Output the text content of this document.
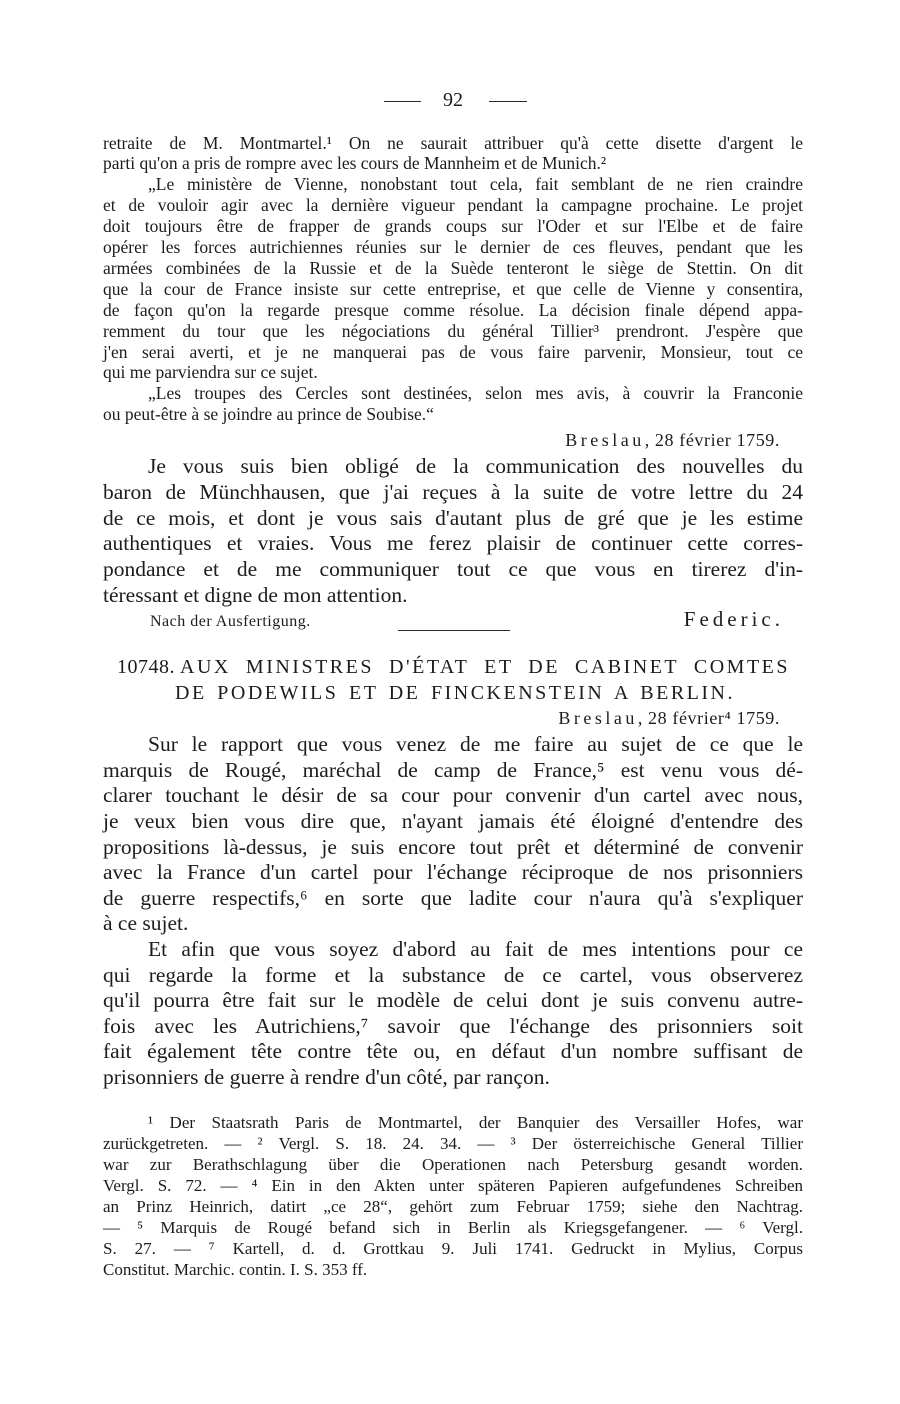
92
retraite de M. Montmartel.¹ On ne saurait attribuer qu'à cette disette d'argent le
parti qu'on a pris de rompre avec les cours de Mannheim et de Munich.²
„Le ministère de Vienne, nonobstant tout cela, fait semblant de ne rien craindre
et de vouloir agir avec la dernière vigueur pendant la campagne prochaine. Le projet
doit toujours être de frapper de grands coups sur l'Oder et sur l'Elbe et de faire
opérer les forces autrichiennes réunies sur le dernier de ces fleuves, pendant que les
armées combinées de la Russie et de la Suède tenteront le siège de Stettin. On dit
que la cour de France insiste sur cette entreprise, et que celle de Vienne y consentira,
de façon qu'on la regarde presque comme résolue. La décision finale dépend appa-
remment du tour que les négociations du général Tillier³ prendront. J'espère que
j'en serai averti, et je ne manquerai pas de vous faire parvenir, Monsieur, tout ce
qui me parviendra sur ce sujet.
„Les troupes des Cercles sont destinées, selon mes avis, à couvrir la Franconie
ou peut-être à se joindre au prince de Soubise.“
Breslau, 28 février 1759.
Je vous suis bien obligé de la communication des nouvelles du
baron de Münchhausen, que j'ai reçues à la suite de votre lettre du 24
de ce mois, et dont je vous sais d'autant plus de gré que je les estime
authentiques et vraies. Vous me ferez plaisir de continuer cette corres-
pondance et de me communiquer tout ce que vous en tirerez d'in-
téressant et digne de mon attention.
Nach der Ausfertigung.	Federic.
10748. AUX MINISTRES D'ÉTAT ET DE CABINET COMTES
DE PODEWILS ET DE FINCKENSTEIN A BERLIN.
Breslau, 28 février⁴ 1759.
Sur le rapport que vous venez de me faire au sujet de ce que le
marquis de Rougé, maréchal de camp de France,⁵ est venu vous dé-
clarer touchant le désir de sa cour pour convenir d'un cartel avec nous,
je veux bien vous dire que, n'ayant jamais été éloigné d'entendre des
propositions là-dessus, je suis encore tout prêt et déterminé de convenir
avec la France d'un cartel pour l'échange réciproque de nos prisonniers
de guerre respectifs,⁶ en sorte que ladite cour n'aura qu'à s'expliquer
à ce sujet.
Et afin que vous soyez d'abord au fait de mes intentions pour ce
qui regarde la forme et la substance de ce cartel, vous observerez
qu'il pourra être fait sur le modèle de celui dont je suis convenu autre-
fois avec les Autrichiens,⁷ savoir que l'échange des prisonniers soit
fait également tête contre tête ou, en défaut d'un nombre suffisant de
prisonniers de guerre à rendre d'un côté, par rançon.
¹ Der Staatsrath Paris de Montmartel, der Banquier des Versailler Hofes, war
zurückgetreten. — ² Vergl. S. 18. 24. 34. — ³ Der österreichische General Tillier
war zur Berathschlagung über die Operationen nach Petersburg gesandt worden.
Vergl. S. 72. — ⁴ Ein in den Akten unter späteren Papieren aufgefundenes Schreiben
an Prinz Heinrich, datirt „ce 28“, gehört zum Februar 1759; siehe den Nachtrag.
— ⁵ Marquis de Rougé befand sich in Berlin als Kriegsgefangener. — ⁶ Vergl.
S. 27. — ⁷ Kartell, d. d. Grottkau 9. Juli 1741. Gedruckt in Mylius, Corpus
Constitut. Marchic. contin. I. S. 353 ff.
